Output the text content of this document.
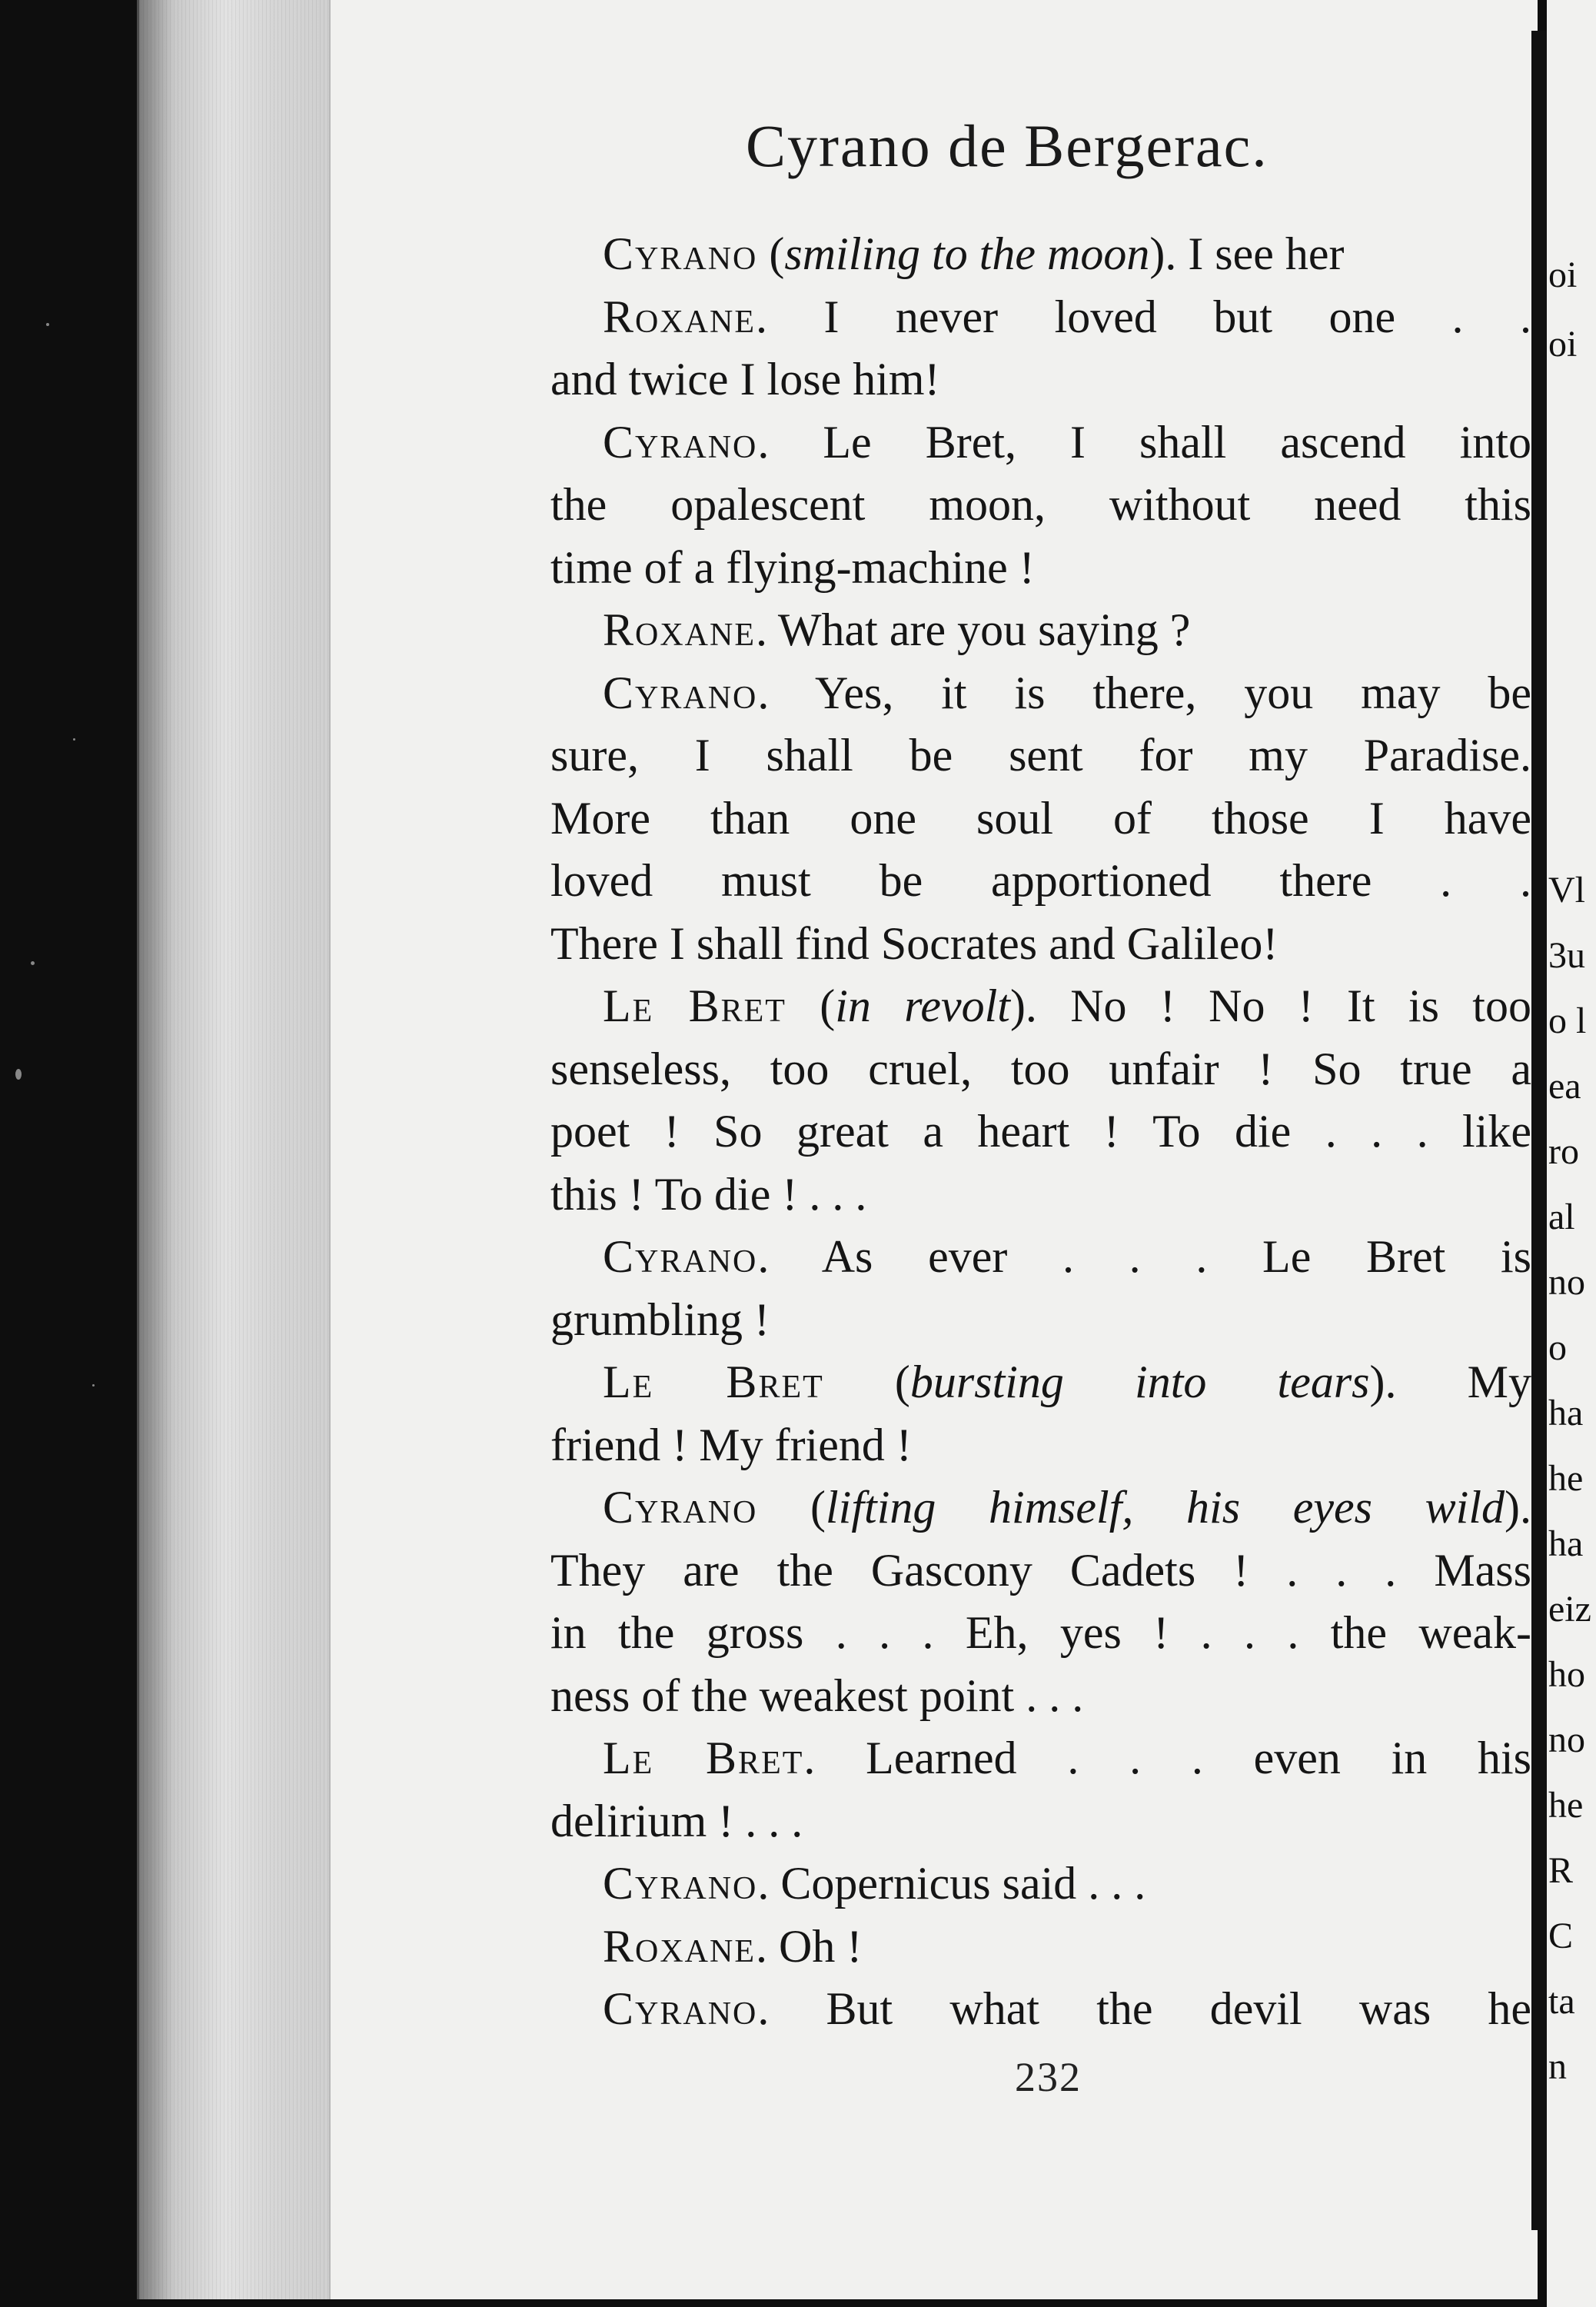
oi
oi
Vl
3u
o l
ea
ro
al
no
o
ha
he
ha
eiz
ho
no
he
R
C
ta
n
Cyrano de Bergerac.
Cyrano (smiling to the moon). I see her
Roxane. I never loved but one . .
and twice I lose him!
Cyrano. Le Bret, I shall ascend into
the opalescent moon, without need this
time of a flying-machine !
Roxane. What are you saying ?
Cyrano. Yes, it is there, you may be
sure, I shall be sent for my Paradise.
More than one soul of those I have
loved must be apportioned there . .
There I shall find Socrates and Galileo!
Le Bret (in revolt). No ! No ! It is too
senseless, too cruel, too unfair ! So true a
poet ! So great a heart ! To die . . . like
this ! To die ! . . .
Cyrano. As ever . . . Le Bret is
grumbling !
Le Bret (bursting into tears). My
friend ! My friend !
Cyrano (lifting himself, his eyes wild).
They are the Gascony Cadets ! . . . Mass
in the gross . . . Eh, yes ! . . . the weak-
ness of the weakest point . . .
Le Bret. Learned . . . even in his
delirium ! . . .
Cyrano. Copernicus said . . .
Roxane. Oh !
Cyrano. But what the devil was he
232
